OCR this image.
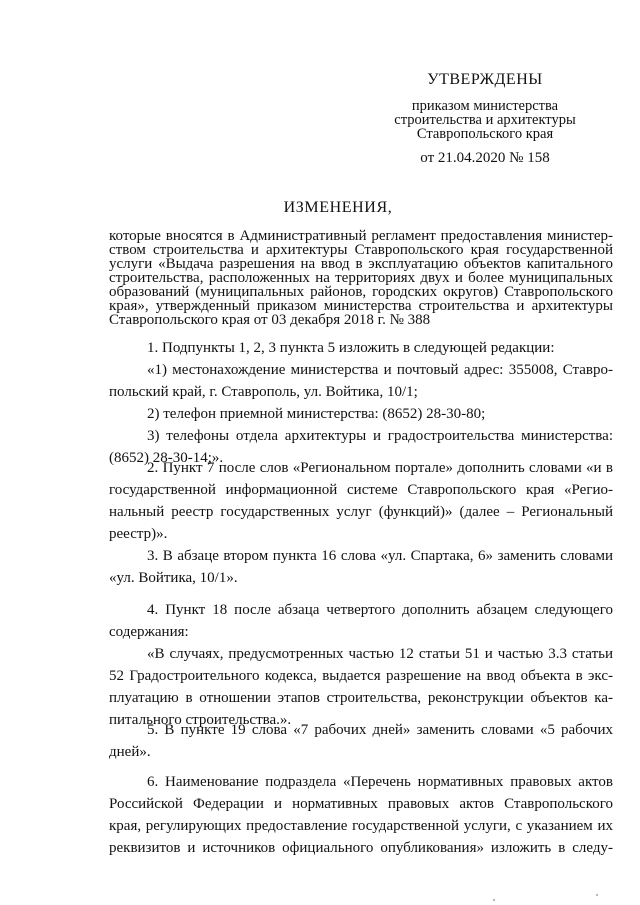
УТВЕРЖДЕНЫ
приказом министерства
строительства и архитектуры
Ставропольского края
от 21.04.2020 № 158
ИЗМЕНЕНИЯ,

которые вносятся в Административный регламент предоставления министер-

ством строительства и архитектуры Ставропольского края государственной

услуги «Выдача разрешения на ввод в эксплуатацию объектов капитального

строительства, расположенных на территориях двух и более муниципальных

образований (муниципальных районов, городских округов) Ставропольского

края», утвержденный приказом министерства строительства и архитектуры

Ставропольского края от 03 декабря 2018 г. № 388

1. Подпункты 1, 2, 3 пункта 5 изложить в следующей редакции:

«1) местонахождение министерства и почтовый адрес: 355008, Ставро-

польский край, г. Ставрополь, ул. Войтика, 10/1;

2) телефон приемной министерства: (8652) 28-30-80;

3) телефоны отдела архитектуры и градостроительства министерства:

(8652) 28-30-14;».

2. Пункт 7 после слов «Региональном портале» дополнить словами «и в

государственной информационной системе Ставропольского края «Регио-

нальный реестр государственных услуг (функций)» (далее – Региональный

реестр)».

3. В абзаце втором пункта 16 слова «ул. Спартака, 6» заменить словами

«ул. Войтика, 10/1».

4. Пункт 18 после абзаца четвертого дополнить абзацем следующего

содержания:

«В случаях, предусмотренных частью 12 статьи 51 и частью 3.3 статьи

52 Градостроительного кодекса, выдается разрешение на ввод объекта в экс-

плуатацию в отношении этапов строительства, реконструкции объектов ка-

питального строительства.».

5. В пункте 19 слова «7 рабочих дней» заменить словами «5 рабочих

дней».

6. Наименование подраздела «Перечень нормативных правовых актов

Российской Федерации и нормативных правовых актов Ставропольского

края, регулирующих предоставление государственной услуги, с указанием их

реквизитов и источников официального опубликования» изложить в следу-
